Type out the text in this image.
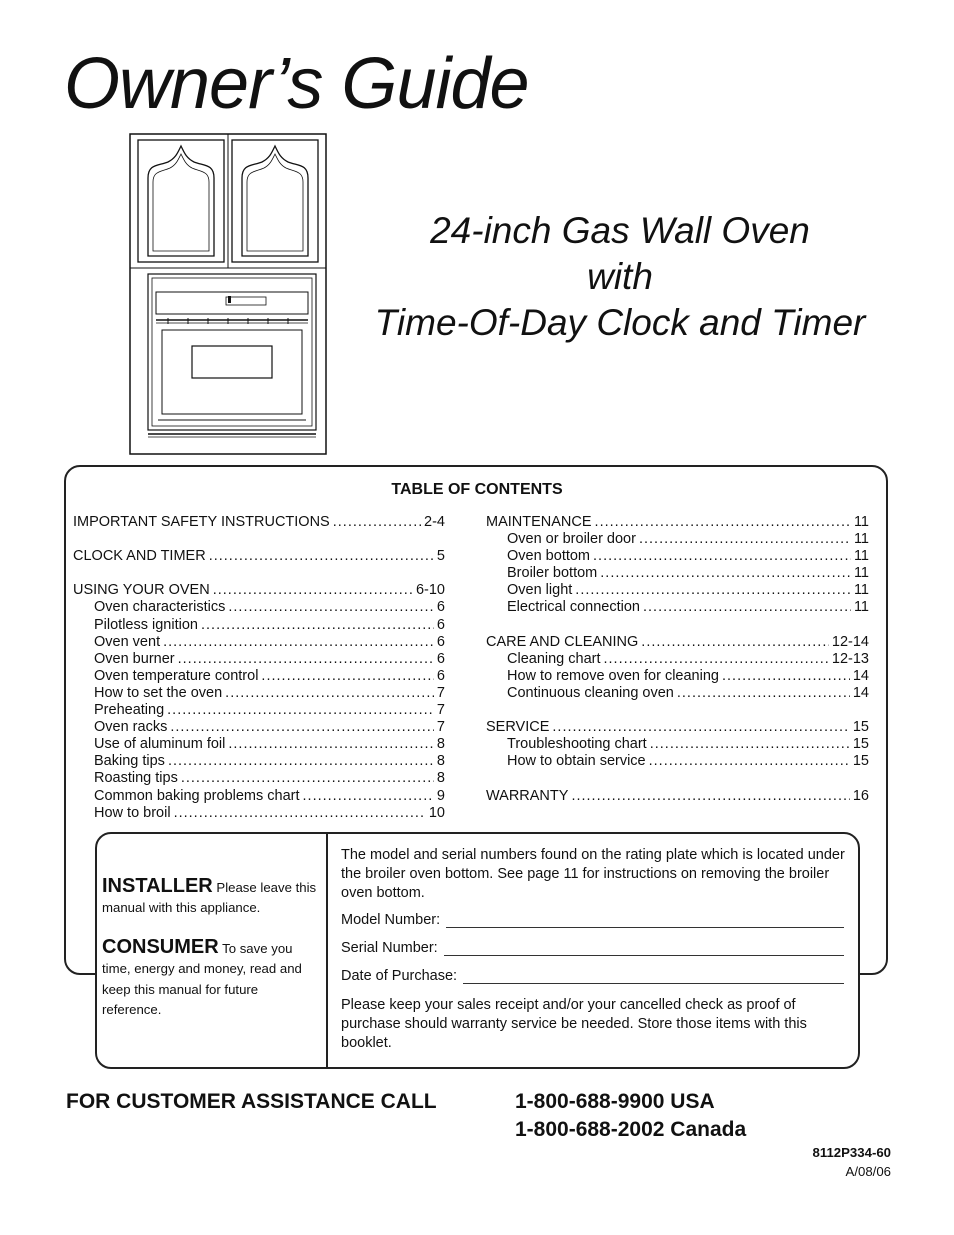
Owner’s Guide
24-inch Gas Wall Oven
with
Time-Of-Day Clock and Timer
TABLE OF CONTENTS
IMPORTANT SAFETY INSTRUCTIONS .....	2-4
CLOCK AND TIMER .....	5
USING YOUR OVEN .....	6-10
Oven characteristics .....	6
Pilotless ignition .....	6
Oven vent .....	6
Oven burner .....	6
Oven temperature control .....	6
How to set the oven .....	7
Preheating .....	7
Oven racks .....	7
Use of aluminum foil .....	8
Baking tips .....	8
Roasting tips .....	8
Common baking problems chart .....	9
How to broil .....	10
MAINTENANCE .....	11
Oven or broiler door .....	11
Oven bottom .....	11
Broiler bottom .....	11
Oven light .....	11
Electrical connection .....	11
CARE AND CLEANING .....	12-14
Cleaning chart .....	12-13
How to remove oven for cleaning .....	14
Continuous cleaning oven .....	14
SERVICE .....	15
Troubleshooting chart .....	15
How to obtain service .....	15
WARRANTY .....	16
INSTALLER Please leave this manual with this appliance.
CONSUMER To save you time, energy and money, read and keep this manual for future reference.
The model and serial numbers found on the rating plate which is located under the broiler oven bottom. See page 11 for instructions on removing the broiler oven bottom.
Model Number:
Serial Number:
Date of Purchase:
Please keep your sales receipt and/or your cancelled check as proof of purchase should warranty service be needed. Store those items with this booklet.
FOR CUSTOMER ASSISTANCE CALL	1-800-688-9900 USA
1-800-688-2002 Canada
8112P334-60
A/08/06
